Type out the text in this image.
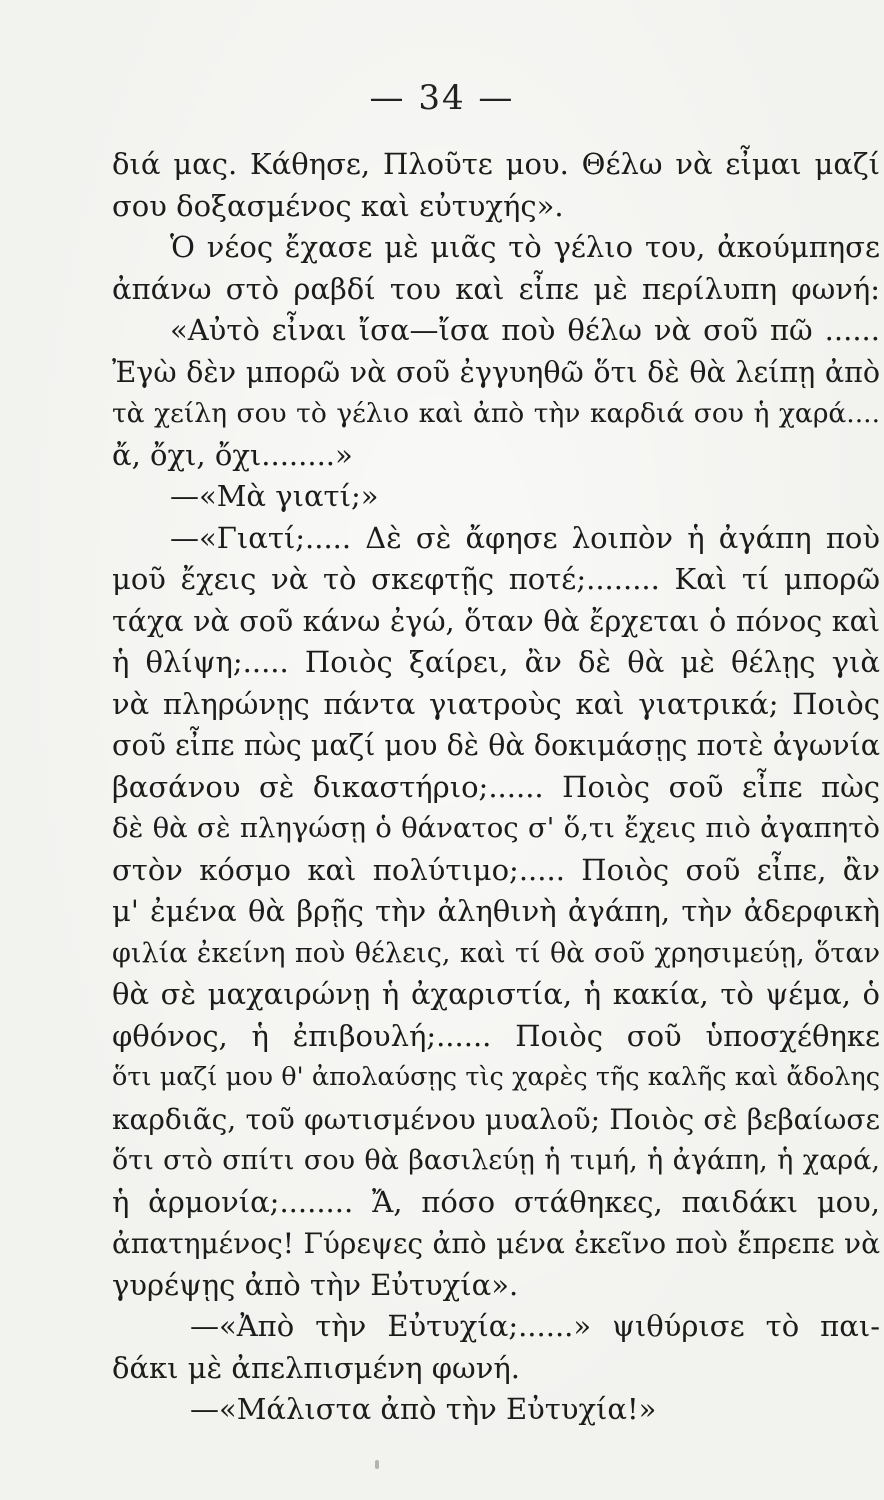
— 34 —
διά μας. Κάθησε, Πλοῦτε μου. Θέλω νὰ εἶμαι μαζί
σου δοξασμένος καὶ εὐτυχής».
Ὁ νέος ἔχασε μὲ μιᾶς τὸ γέλιο του, ἀκούμπησε
ἀπάνω στὸ ραβδί του καὶ εἶπε μὲ περίλυπη φωνή:
«Αὐτὸ εἶναι ἴσα—ἴσα ποὺ θέλω νὰ σοῦ πῶ ......
Ἐγὼ δὲν μπορῶ νὰ σοῦ ἐγγυηθῶ ὅτι δὲ θὰ λείπῃ ἀπὸ
τὰ χείλη σου τὸ γέλιο καὶ ἀπὸ τὴν καρδιά σου ἡ χαρά....
ἄ, ὄχι, ὄχι........»
—«Μὰ γιατί;»
—«Γιατί;..... Δὲ σὲ ἄφησε λοιπὸν ἡ ἀγάπη ποὺ
μοῦ ἔχεις νὰ τὸ σκεφτῇς ποτέ;........ Καὶ τί μπορῶ
τάχα νὰ σοῦ κάνω ἐγώ, ὅταν θὰ ἔρχεται ὁ πόνος καὶ
ἡ θλίψη;..... Ποιὸς ξαίρει, ἂν δὲ θὰ μὲ θέλῃς γιὰ
νὰ πληρώνῃς πάντα γιατροὺς καὶ γιατρικά; Ποιὸς
σοῦ εἶπε πὼς μαζί μου δὲ θὰ δοκιμάσῃς ποτὲ ἀγωνία
βασάνου σὲ δικαστήριο;...... Ποιὸς σοῦ εἶπε πὼς
δὲ θὰ σὲ πληγώσῃ ὁ θάνατος σ' ὅ,τι ἔχεις πιὸ ἀγαπητὸ
στὸν κόσμο καὶ πολύτιμο;..... Ποιὸς σοῦ εἶπε, ἂν
μ' ἐμένα θὰ βρῇς τὴν ἀληθινὴ ἀγάπη, τὴν ἀδερφικὴ
φιλία ἐκείνη ποὺ θέλεις, καὶ τί θὰ σοῦ χρησιμεύῃ, ὅταν
θὰ σὲ μαχαιρώνῃ ἡ ἀχαριστία, ἡ κακία, τὸ ψέμα, ὁ
φθόνος, ἡ ἐπιβουλή;...... Ποιὸς σοῦ ὑποσχέθηκε
ὅτι μαζί μου θ' ἀπολαύσῃς τὶς χαρὲς τῆς καλῆς καὶ ἄδολης
καρδιᾶς, τοῦ φωτισμένου μυαλοῦ; Ποιὸς σὲ βεβαίωσε
ὅτι στὸ σπίτι σου θὰ βασιλεύῃ ἡ τιμή, ἡ ἀγάπη, ἡ χαρά,
ἡ ἁρμονία;........ Ἄ, πόσο στάθηκες, παιδάκι μου,
ἀπατημένος! Γύρεψες ἀπὸ μένα ἐκεῖνο ποὺ ἔπρεπε νὰ
γυρέψῃς ἀπὸ τὴν Εὐτυχία».
—«Ἀπὸ τὴν Εὐτυχία;......» ψιθύρισε τὸ παι-
δάκι μὲ ἀπελπισμένη φωνή.
—«Μάλιστα ἀπὸ τὴν Εὐτυχία!»
